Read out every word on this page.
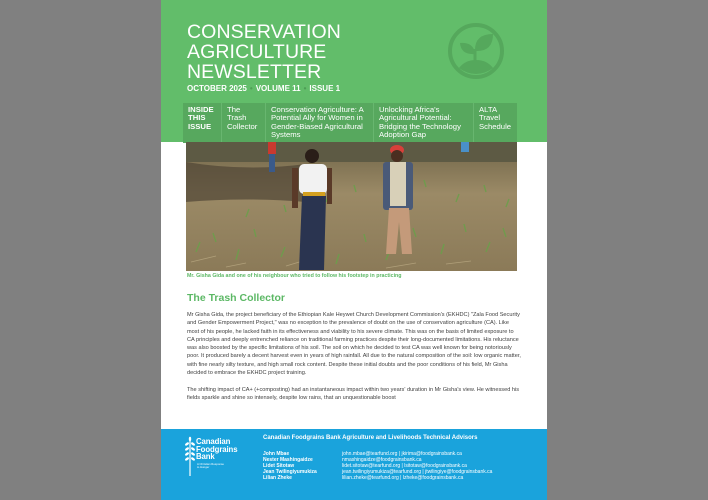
CONSERVATION
AGRICULTURE
NEWSLETTER
OCTOBER 2025 • VOLUME 11 • ISSUE 1
INSIDE THIS ISSUE
The Trash Collector
Conservation Agriculture: A Potential Ally for Women in Gender-Biased Agricultural Systems
Unlocking Africa's Agricultural Potential: Bridging the Technology Adoption Gap
ALTA Travel Schedule
Mr. Gisha Gida and one of his neighbour who tried to follow his footstep in practicing
The Trash Collector

Mr Gisha Gida, the project beneficiary of the Ethiopian Kale Heywet Church Development Commission's (EKHDC) "Zala Food Security and Gender Empowerment Project," was no exception to the prevalence of doubt on the use of conservation agriculture (CA). Like most of his people, he lacked faith in its effectiveness and viability to his severe climate. This was on the basis of limited exposure to CA principles and deeply entrenched reliance on traditional farming practices despite their long-documented limitations. His reluctance was also boosted by the specific limitations of his soil. The soil on which he decided to test CA was well known for being notoriously poor. It produced barely a decent harvest even in years of high rainfall. All due to the natural composition of the soil: low organic matter, with fine nearly silty texture, and high small rock content. Despite these initial doubts and the poor conditions of his field, Mr Gisha decided to embrace the EKHDC project training.

The shifting impact of CA+ (+composting) had an instantaneous impact within two years' duration in Mr Gisha's view. He witnessed his fields sparkle and shine so intensely, despite low rains, that an unquestionable boost

Canadian
Foodgrains
Bank
A Christian Response
to Hunger
Canadian Foodgrains Bank Agriculture and Livelihoods Technical Advisors
John Mbae	john.mbae@tearfund.org | jkirima@foodgrainsbank.ca
Nester Mashingaidze	nmashingaidze@foodgrainsbank.ca
Lidet Sitotaw	lidet.sitotaw@tearfund.org | lsitotaw@foodgrainsbank.ca
Jean Twilingiyumukiza	jean.twilingiyumukiza@tearfund.org | jtwilingiye@foodgrainsbank.ca
Lilian Zheke	lilian.zheke@tearfund.org | lzheke@foodgrainsbank.ca
